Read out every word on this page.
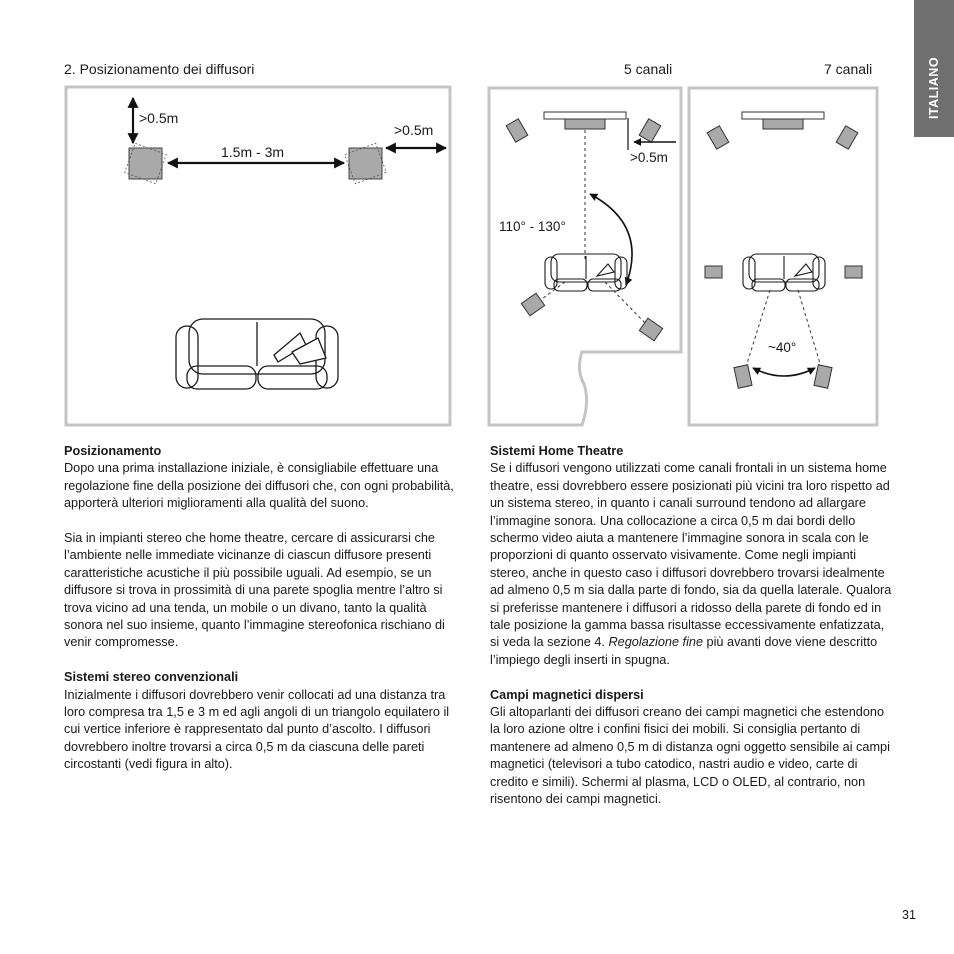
ITALIANO
2. Posizionamento dei diffusori	5 canali	7 canali
>0.5m
>0.5m
1.5m - 3m	>0.5m
110° - 130°
~40°
Posizionamento

Dopo una prima installazione iniziale, è consigliabile effettuare una regolazione fine della posizione dei diffusori che, con ogni probabilità, apporterà ulteriori miglioramenti alla qualità del suono.

Sia in impianti stereo che home theatre, cercare di assicurarsi che l’ambiente nelle immediate vicinanze di ciascun diffusore presenti caratteristiche acustiche il più possibile uguali. Ad esempio, se un diffusore si trova in prossimità di una parete spoglia mentre l’altro si trova vicino ad una tenda, un mobile o un divano, tanto la qualità sonora nel suo insieme, quanto l’immagine stereofonica rischiano di venir compromesse.

Sistemi stereo convenzionali

Inizialmente i diffusori dovrebbero venir collocati ad una distanza tra loro compresa tra 1,5 e 3 m ed agli angoli di un triangolo equilatero il cui vertice inferiore è rappresentato dal punto d’ascolto. I diffusori dovrebbero inoltre trovarsi a circa 0,5 m da ciascuna delle pareti circostanti (vedi figura in alto).

Sistemi Home Theatre

Se i diffusori vengono utilizzati come canali frontali in un sistema home theatre, essi dovrebbero essere posizionati più vicini tra loro rispetto ad un sistema stereo, in quanto i canali surround tendono ad allargare l’immagine sonora. Una collocazione a circa 0,5 m dai bordi dello schermo video aiuta a mantenere l’immagine sonora in scala con le proporzioni di quanto osservato visivamente. Come negli impianti stereo, anche in questo caso i diffusori dovrebbero trovarsi idealmente ad almeno 0,5 m sia dalla parte di fondo, sia da quella laterale. Qualora si preferisse mantenere i diffusori a ridosso della parete di fondo ed in tale posizione la gamma bassa risultasse eccessivamente enfatizzata, si veda la sezione 4. Regolazione fine più avanti dove viene descritto l’impiego degli inserti in spugna.

Campi magnetici dispersi

Gli altoparlanti dei diffusori creano dei campi magnetici che estendono la loro azione oltre i confini fisici dei mobili. Si consiglia pertanto di mantenere ad almeno 0,5 m di distanza ogni oggetto sensibile ai campi magnetici (televisori a tubo catodico, nastri audio e video, carte di credito e simili). Schermi al plasma, LCD o OLED, al contrario, non risentono dei campi magnetici.

31
